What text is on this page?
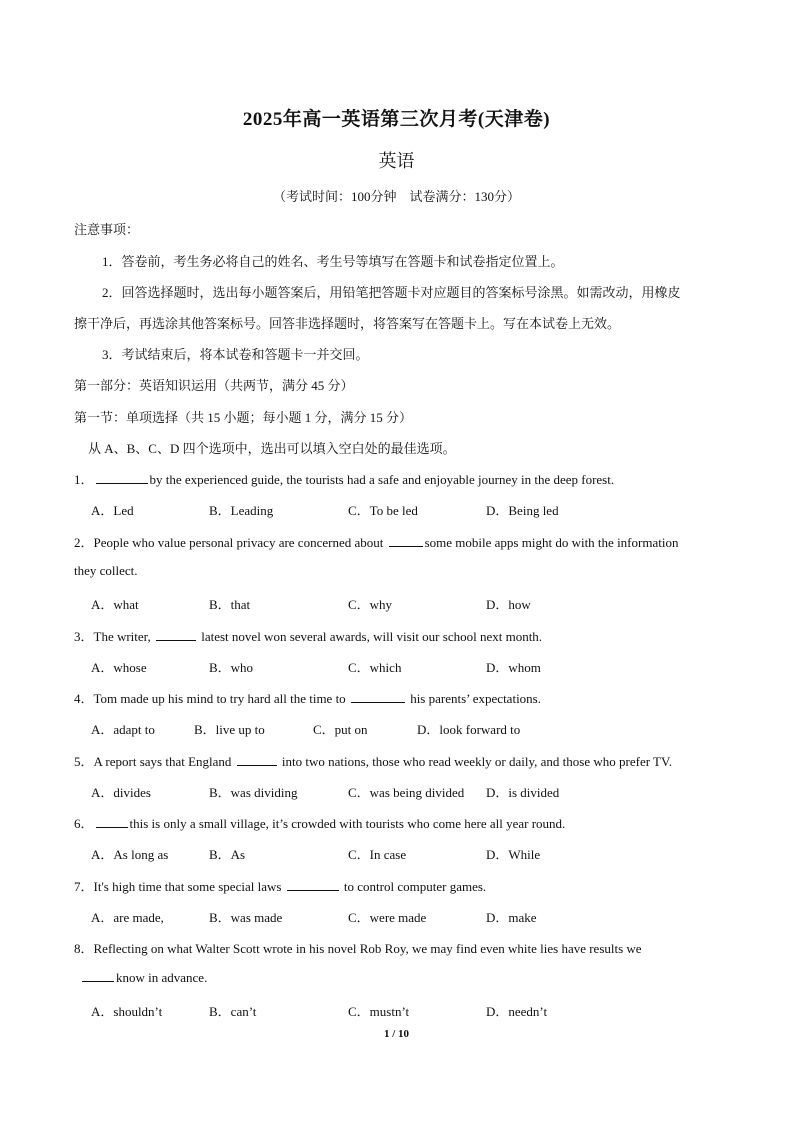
2025年高一英语第三次月考(天津卷)
英语
（考试时间：100分钟　试卷满分：130分）
注意事项：
1．答卷前，考生务必将自己的姓名、考生号等填写在答题卡和试卷指定位置上。
2．回答选择题时，选出每小题答案后，用铅笔把答题卡对应题目的答案标号涂黑。如需改动，用橡皮
擦干净后，再选涂其他答案标号。回答非选择题时，将答案写在答题卡上。写在本试卷上无效。
3．考试结束后，将本试卷和答题卡一并交回。
第一部分：英语知识运用（共两节，满分 45 分）
第一节：单项选择（共 15 小题；每小题 1 分，满分 15 分）
从 A、B、C、D 四个选项中，选出可以填入空白处的最佳选项。
1．	by the experienced guide, the tourists had a safe and enjoyable journey in the deep forest.
A．Led	B．Leading	C．To be led	D．Being led
2．People who value personal privacy are concerned about	some mobile apps might do with the information
they collect.
A．what	B．that	C．why	D．how
3．The writer,	latest novel won several awards, will visit our school next month.
A．whose	B．who	C．which	D．whom
4．Tom made up his mind to try hard all the time to	his parents’ expectations.
A．adapt to	B．live up to	C．put on	D．look forward to
5．A report says that England	into two nations, those who read weekly or daily, and those who prefer TV.
A．divides	B．was dividing	C．was being divided D．is divided
6．	this is only a small village, it’s crowded with tourists who come here all year round.
A．As long as	B．As	C．In case	D．While
7．It's high time that some special laws	to control computer games.
A．are made,	B．was made	C．were made	D．make
8．Reflecting on what Walter Scott wrote in his novel Rob Roy, we may find even white lies have results we
know in advance.
A．shouldn’t	B．can’t	C．mustn’t	D．needn’t
1 / 10
